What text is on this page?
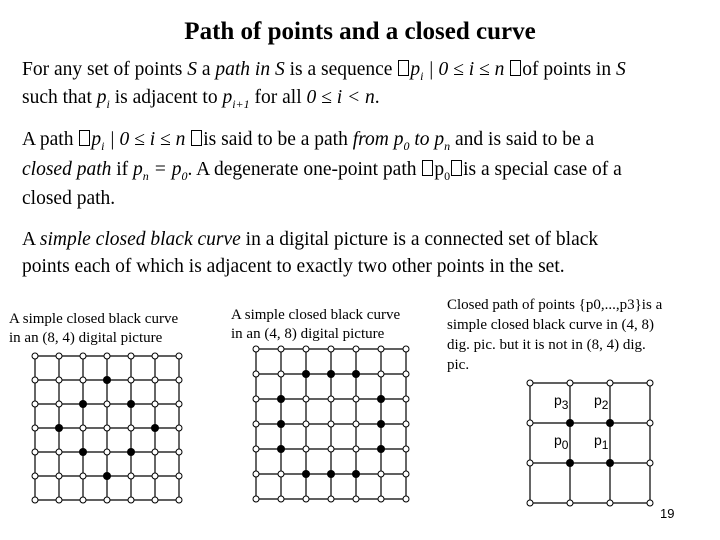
Path of points and a closed curve
For any set of points S a path in S is a sequence $p_i$ | 0 ≤ i ≤ n of points in S
such that $p_i$ is adjacent to $p_{i+1}$ for all 0 ≤ i < n.
A path $p_i$ | 0 ≤ i ≤ n is said to be a path from $p_0$ to $p_n$ and is said to be a
closed path if $p_n = p_0$. A degenerate one-point path $p_0$ is a special case of a
closed path.
A simple closed black curve in a digital picture is a connected set of black
points each of which is adjacent to exactly two other points in the set.
A simple closed black curve
in an (8, 4) digital picture
A simple closed black curve
in an (4, 8) digital picture
Closed path of points {p0,...,p3}is a
simple closed black curve in (4, 8)
dig. pic. but it is not in (8, 4) dig.
pic.
$p_3$ $p_2$
$p_0$ $p_1$
19
